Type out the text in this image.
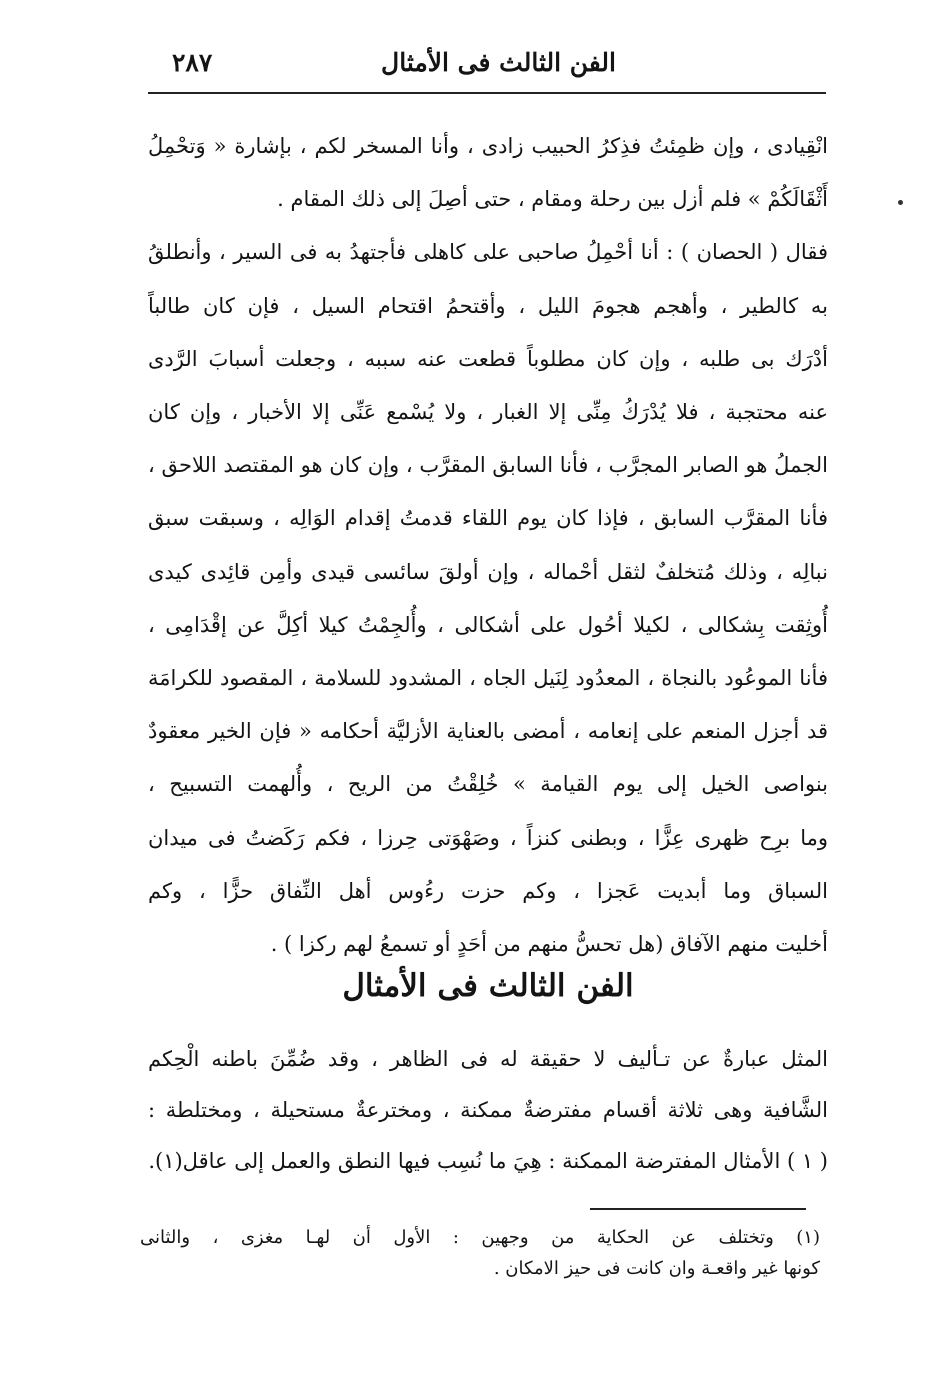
الفن الثالث فى الأمثال
٢٨٧
انْقِيادى ، وإن ظمِئتُ فذِكرُ الحبيب زادى ، وأنا المسخر لكم ، بإشارة « وَتحْمِلُ
أَثْقَالَكُمْ » فلم أزل بين رحلة ومقام ، حتى أصِلَ إلى ذلك المقام .
فقال ( الحصان ) : أنا أحْمِلُ صاحبى على كاهلى فأجتهدُ به فى السير ، وأنطلقُ
به كالطير ، وأهجم هجومَ الليل ، وأقتحمُ اقتحام السيل ، فإن كان طالباً
أدْرَك بى طلبه ، وإن كان مطلوباً قطعت عنه سببه ، وجعلت أسبابَ الرَّدى
عنه محتجبة ، فلا يُدْرَكُ مِنِّى إلا الغبار ، ولا يُسْمع عَنِّى إلا الأخبار ، وإن كان
الجملُ هو الصابر المجرَّب ، فأنا السابق المقرَّب ، وإن كان هو المقتصد اللاحق ،
فأنا المقرَّب السابق ، فإذا كان يوم اللقاء قدمتُ إقدام الوَالِه ، وسبقت سبق
نبالِه ، وذلك مُتخلفٌ لثقل أحْماله ، وإن أولقَ سائسى قيدى وأمِن قائِدى كيدى
أُوثِقت بِشكالى ، لكيلا أحُول على أشكالى ، وأُلجِمْتُ كيلا أكِلَّ عن إقْدَامِى ،
فأنا الموعُود بالنجاة ، المعدُود لِنَيل الجاه ، المشدود للسلامة ، المقصود للكرامَة
قد أجزل المنعم على إنعامه ، أمضى بالعناية الأزليَّة أحكامه « فإن الخير معقودٌ
بنواصى الخيل إلى يوم القيامة » خُلِقْتُ من الريح ، وأُلهمت التسبيح ،
وما برِح ظهرى عِزًّا ، وبطنى كنزاً ، وصَهْوَتى حِرزا ، فكم رَكَضتُ فى ميدان
السباق وما أبديت عَجزا ، وكم حزت رءُوس أهل النِّفاق حزًّا ، وكم
أخليت منهم الآفاق (هل تحسُّ منهم من أحَدٍ أو تسمعُ لهم ركزا ) .
الفن الثالث فى الأمثال
المثل عبارةٌ عن تـأليف لا حقيقة له فى الظاهر ، وقد ضُمِّنَ باطنه الْحِكم
الشَّافية وهى ثلاثة أقسام مفترضةٌ ممكنة ، ومخترعةٌ مستحيلة ، ومختلطة :
( ١ ) الأمثال المفترضة الممكنة : هِيَ ما نُسِب فيها النطق والعمل إلى عاقل(١).
(١) وتختلف عن الحكاية من وجهين : الأول أن لهـا مغزى ، والثانى
كونها غير واقعـة وان كانت فى حيز الامكان .
